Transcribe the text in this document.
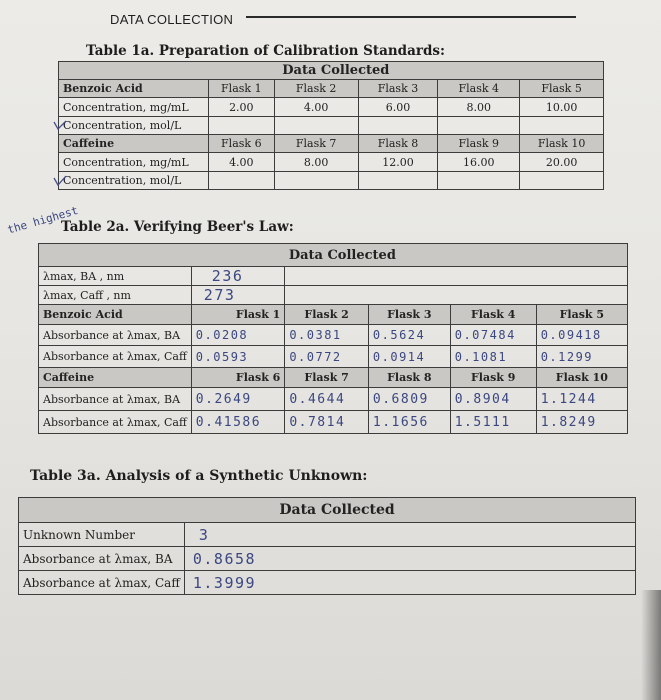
DATA COLLECTION
Table 1a. Preparation of Calibration Standards:
		Data Collected			
Benzoic Acid	Flask 1	Flask 2	Flask 3	Flask 4	Flask 5
Concentration, mg/mL	2.00	4.00	6.00	8.00	10.00
Concentration, mol/L					
Caffeine	Flask 6	Flask 7	Flask 8	Flask 9	Flask 10
Concentration, mg/mL	4.00	8.00	12.00	16.00	20.00
Concentration, mol/L					
the highest
Table 2a. Verifying Beer's Law:
		Data Collected			
λmax, BA , nm	236				
λmax, Caff , nm	273				
Benzoic Acid	Flask 1	Flask 2	Flask 3	Flask 4	Flask 5
Absorbance at λmax, BA	0.0208	0.0381	0.5624	0.07484	0.09418
Absorbance at λmax, Caff	0.0593	0.0772	0.0914	0.1081	0.1299
Caffeine	Flask 6	Flask 7	Flask 8	Flask 9	Flask 10
Absorbance at λmax, BA	0.2649	0.4644	0.6809	0.8904	1.1244
Absorbance at λmax, Caff	0.41586	0.7814	1.1656	1.5111	1.8249
Table 3a. Analysis of a Synthetic Unknown:
	Data Collected
Unknown Number	3
Absorbance at λmax, BA	0.8658
Absorbance at λmax, Caff	1.3999
